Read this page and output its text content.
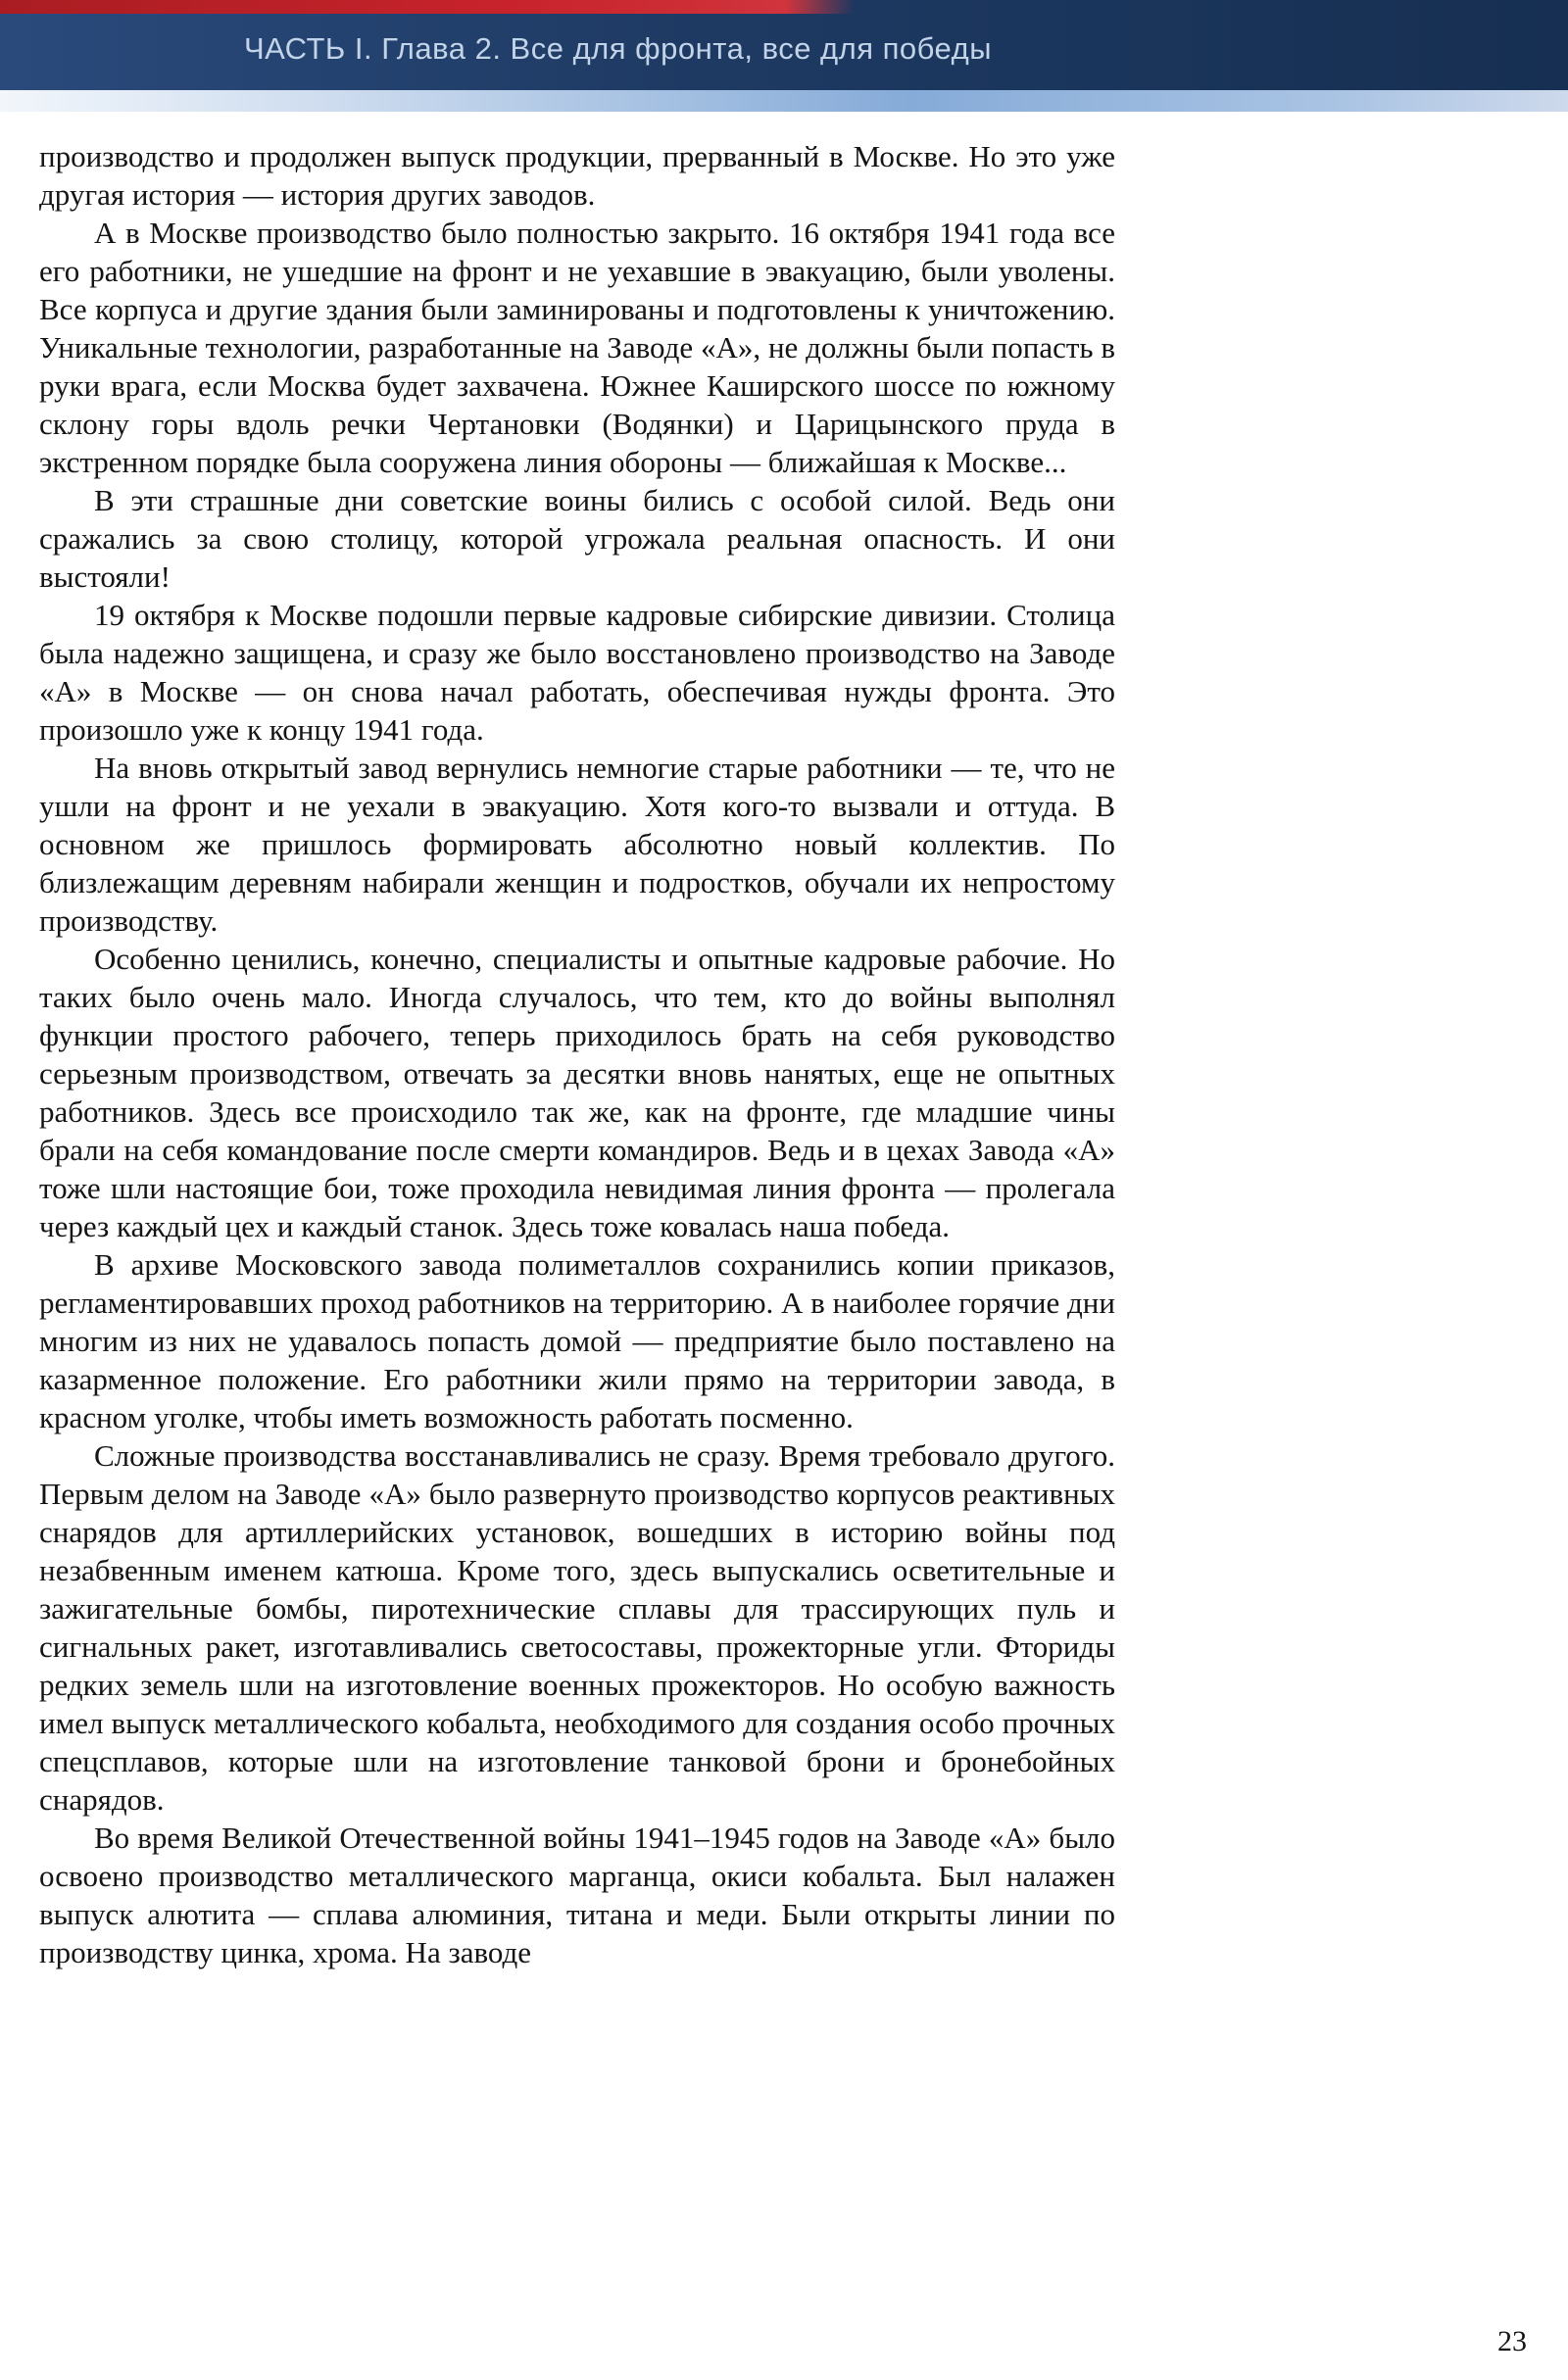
ЧАСТЬ I. Глава 2. Все для фронта, все для победы

производство и продолжен выпуск продукции, прерванный в Москве. Но это уже другая история — история других заводов.

А в Москве производство было полностью закрыто. 16 октября 1941 года все его работники, не ушедшие на фронт и не уехавшие в эвакуацию, были уволены. Все корпуса и другие здания были заминированы и подготовлены к уничтожению. Уникальные технологии, разработанные на Заводе «А», не должны были попасть в руки врага, если Москва будет захвачена. Южнее Каширского шоссе по южному склону горы вдоль речки Чертановки (Водянки) и Царицынского пруда в экстренном порядке была сооружена линия обороны — ближайшая к Москве...

В эти страшные дни советские воины бились с особой силой. Ведь они сражались за свою столицу, которой угрожала реальная опасность. И они выстояли!

19 октября к Москве подошли первые кадровые сибирские дивизии. Столица была надежно защищена, и сразу же было восстановлено производство на Заводе «А» в Москве — он снова начал работать, обеспечивая нужды фронта. Это произошло уже к концу 1941 года.

На вновь открытый завод вернулись немногие старые работники — те, что не ушли на фронт и не уехали в эвакуацию. Хотя кого-то вызвали и оттуда. В основном же пришлось формировать абсолютно новый коллектив. По близлежащим деревням набирали женщин и подростков, обучали их непростому производству.

Особенно ценились, конечно, специалисты и опытные кадровые рабочие. Но таких было очень мало. Иногда случалось, что тем, кто до войны выполнял функции простого рабочего, теперь приходилось брать на себя руководство серьезным производством, отвечать за десятки вновь нанятых, еще не опытных работников. Здесь все происходило так же, как на фронте, где младшие чины брали на себя командование после смерти командиров. Ведь и в цехах Завода «А» тоже шли настоящие бои, тоже проходила невидимая линия фронта — пролегала через каждый цех и каждый станок. Здесь тоже ковалась наша победа.

В архиве Московского завода полиметаллов сохранились копии приказов, регламентировавших проход работников на территорию. А в наиболее горячие дни многим из них не удавалось попасть домой — предприятие было поставлено на казарменное положение. Его работники жили прямо на территории завода, в красном уголке, чтобы иметь возможность работать посменно.

Сложные производства восстанавливались не сразу. Время требовало другого. Первым делом на Заводе «А» было развернуто производство корпусов реактивных снарядов для артиллерийских установок, вошедших в историю войны под незабвенным именем катюша. Кроме того, здесь выпускались осветительные и зажигательные бомбы, пиротехнические сплавы для трассирующих пуль и сигнальных ракет, изготавливались светосоставы, прожекторные угли. Фториды редких земель шли на изготовление военных прожекторов. Но особую важность имел выпуск металлического кобальта, необходимого для создания особо прочных спецсплавов, которые шли на изготовление танковой брони и бронебойных снарядов.

Во время Великой Отечественной войны 1941–1945 годов на Заводе «А» было освоено производство металлического марганца, окиси кобальта. Был налажен выпуск алютита — сплава алюминия, титана и меди. Были открыты линии по производству цинка, хрома. На заводе

23
